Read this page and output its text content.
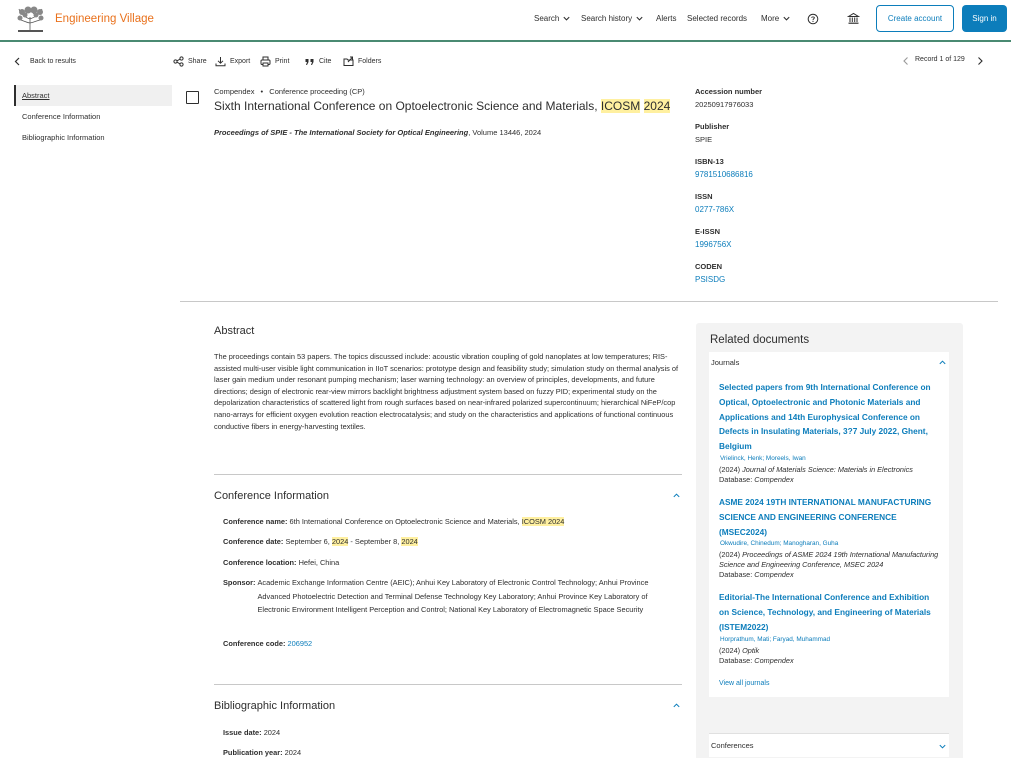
Engineering Village	Search	Search history	Alerts Selected records More	Create account	Sign in
Back to results	Share	Export	Print	Cite	Folders	Record 1 of 129
Abstract
Conference Information
Bibliographic Information
Compendex • Conference proceeding (CP)
Sixth International Conference on Optoelectronic Science and Materials, ICOSM 2024
Proceedings of SPIE - The International Society for Optical Engineering, Volume 13446, 2024
Accession number
20250917976033
Publisher
SPIE
ISBN-13
9781510686816
ISSN
0277-786X
E-ISSN
1996756X
CODEN
PSISDG
Abstract
The proceedings contain 53 papers. The topics discussed include: acoustic vibration coupling of gold nanoplates at low temperatures; RIS-assisted multi-user visible light communication in IIoT scenarios: prototype design and feasibility study; simulation study on thermal analysis of laser gain medium under resonant pumping mechanism; laser warning technology: an overview of principles, developments, and future directions; design of electronic rear-view mirrors backlight brightness adjustment system based on fuzzy PID; experimental study on the depolarization characteristics of scattered light from rough surfaces based on near-infrared polarized supercontinuum; hierarchical NiFeP/cop nano-arrays for efficient oxygen evolution reaction electrocatalysis; and study on the characteristics and applications of functional continuous conductive fibers in energy-harvesting textiles.
Conference Information
Conference name: 6th International Conference on Optoelectronic Science and Materials, ICOSM 2024
Conference date: September 6, 2024 - September 8, 2024
Conference location: Hefei, China
Sponsor: Academic Exchange Information Centre (AEIC); Anhui Key Laboratory of Electronic Control Technology; Anhui Province Advanced Photoelectric Detection and Terminal Defense Technology Key Laboratory; Anhui Province Key Laboratory of Electronic Environment Intelligent Perception and Control; National Key Laboratory of Electromagnetic Space Security
Conference code: 206952
Bibliographic Information
Issue date: 2024
Publication year: 2024
Related documents
Journals
Selected papers from 9th International Conference on Optical, Optoelectronic and Photonic Materials and Applications and 14th Europhysical Conference on Defects in Insulating Materials, 3?7 July 2022, Ghent, Belgium
Vrielinck, Henk; Moreels, Iwan
(2024) Journal of Materials Science: Materials in Electronics
Database: Compendex
ASME 2024 19TH INTERNATIONAL MANUFACTURING SCIENCE AND ENGINEERING CONFERENCE (MSEC2024)
Okwudire, Chinedum; Manogharan, Guha
(2024) Proceedings of ASME 2024 19th International Manufacturing Science and Engineering Conference, MSEC 2024
Database: Compendex
Editorial-The International Conference and Exhibition on Science, Technology, and Engineering of Materials (ISTEM2022)
Horprathum, Mati; Faryad, Muhammad
(2024) Optik
Database: Compendex
View all journals
Conferences
